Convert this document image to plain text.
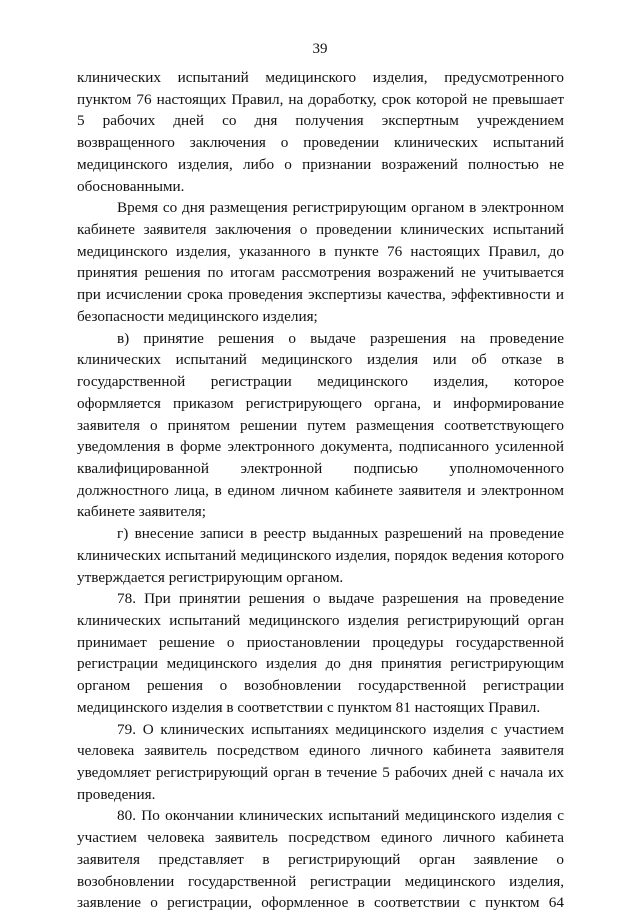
39

клинических испытаний медицинского изделия, предусмотренного пунктом 76 настоящих Правил, на доработку, срок которой не превышает 5 рабочих дней со дня получения экспертным учреждением возвращенного заключения о проведении клинических испытаний медицинского изделия, либо о признании возражений полностью не обоснованными.

Время со дня размещения регистрирующим органом в электронном кабинете заявителя заключения о проведении клинических испытаний медицинского изделия, указанного в пункте 76 настоящих Правил, до принятия решения по итогам рассмотрения возражений не учитывается при исчислении срока проведения экспертизы качества, эффективности и безопасности медицинского изделия;

в) принятие решения о выдаче разрешения на проведение клинических испытаний медицинского изделия или об отказе в государственной регистрации медицинского изделия, которое оформляется приказом регистрирующего органа, и информирование заявителя о принятом решении путем размещения соответствующего уведомления в форме электронного документа, подписанного усиленной квалифицированной электронной подписью уполномоченного должностного лица, в едином личном кабинете заявителя и электронном кабинете заявителя;

г) внесение записи в реестр выданных разрешений на проведение клинических испытаний медицинского изделия, порядок ведения которого утверждается регистрирующим органом.

78. При принятии решения о выдаче разрешения на проведение клинических испытаний медицинского изделия регистрирующий орган принимает решение о приостановлении процедуры государственной регистрации медицинского изделия до дня принятия регистрирующим органом решения о возобновлении государственной регистрации медицинского изделия в соответствии с пунктом 81 настоящих Правил.

79. О клинических испытаниях медицинского изделия с участием человека заявитель посредством единого личного кабинета заявителя уведомляет регистрирующий орган в течение 5 рабочих дней с начала их проведения.

80. По окончании клинических испытаний медицинского изделия с участием человека заявитель посредством единого личного кабинета заявителя представляет в регистрирующий орган заявление о возобновлении государственной регистрации медицинского изделия, заявление о регистрации, оформленное в соответствии с пунктом 64
